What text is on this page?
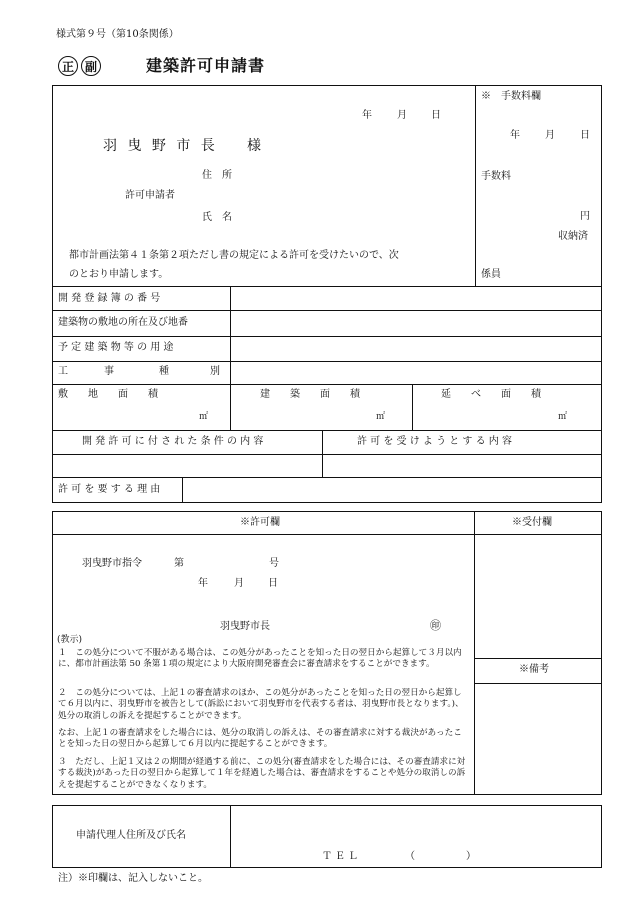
様式第９号（第10条関係）
正 副	建築許可申請書
年	月 日
羽 曳 野 市 長 様
住　所
許可申請者
氏　名
都市計画法第４１条第２項ただし書の規定による許可を受けたいので、次
のとおり申請します。
※　手数料欄
年	月	日
手数料
円
収納済
係員
開 発 登 録 簿 の 番 号
建築物の敷地の所在及び地番
予 定 建 築 物 等 の 用 途
工	事	種	別
敷　　地　　面　　積	建　　築　　面　　積	延　　べ　　面　　積
㎡	㎡	㎡
開 発 許 可 に 付 さ れ た 条 件 の 内 容	許 可 を 受 け よ う と す る 内 容
許 可 を 要 す る 理 由
※許可欄	※受付欄
※備考
羽曳野市指令	第	号
年	月 日
羽曳野市長	㊞
(教示)
１　この処分について不服がある場合は、この処分があったことを知った日の翌日から起算して３月以内に、都市計画法第 50 条第１項の規定により大阪府開発審査会に審査請求をすることができます。
２　この処分については、上記１の審査請求のほか、この処分があったことを知った日の翌日から起算して６月以内に、羽曳野市を被告として(訴訟において羽曳野市を代表する者は、羽曳野市長となります。)、処分の取消しの訴えを提起することができます。
なお、上記１の審査請求をした場合には、処分の取消しの訴えは、その審査請求に対する裁決があったことを知った日の翌日から起算して６月以内に提起することができます。
３　ただし、上記１又は２の期間が経過する前に、この処分(審査請求をした場合には、その審査請求に対する裁決)があった日の翌日から起算して１年を経過した場合は、審査請求をすることや処分の取消しの訴えを提起することができなくなります。
申請代理人住所及び氏名
ＴＥＬ	（	）
注）※印欄は、記入しないこと。
